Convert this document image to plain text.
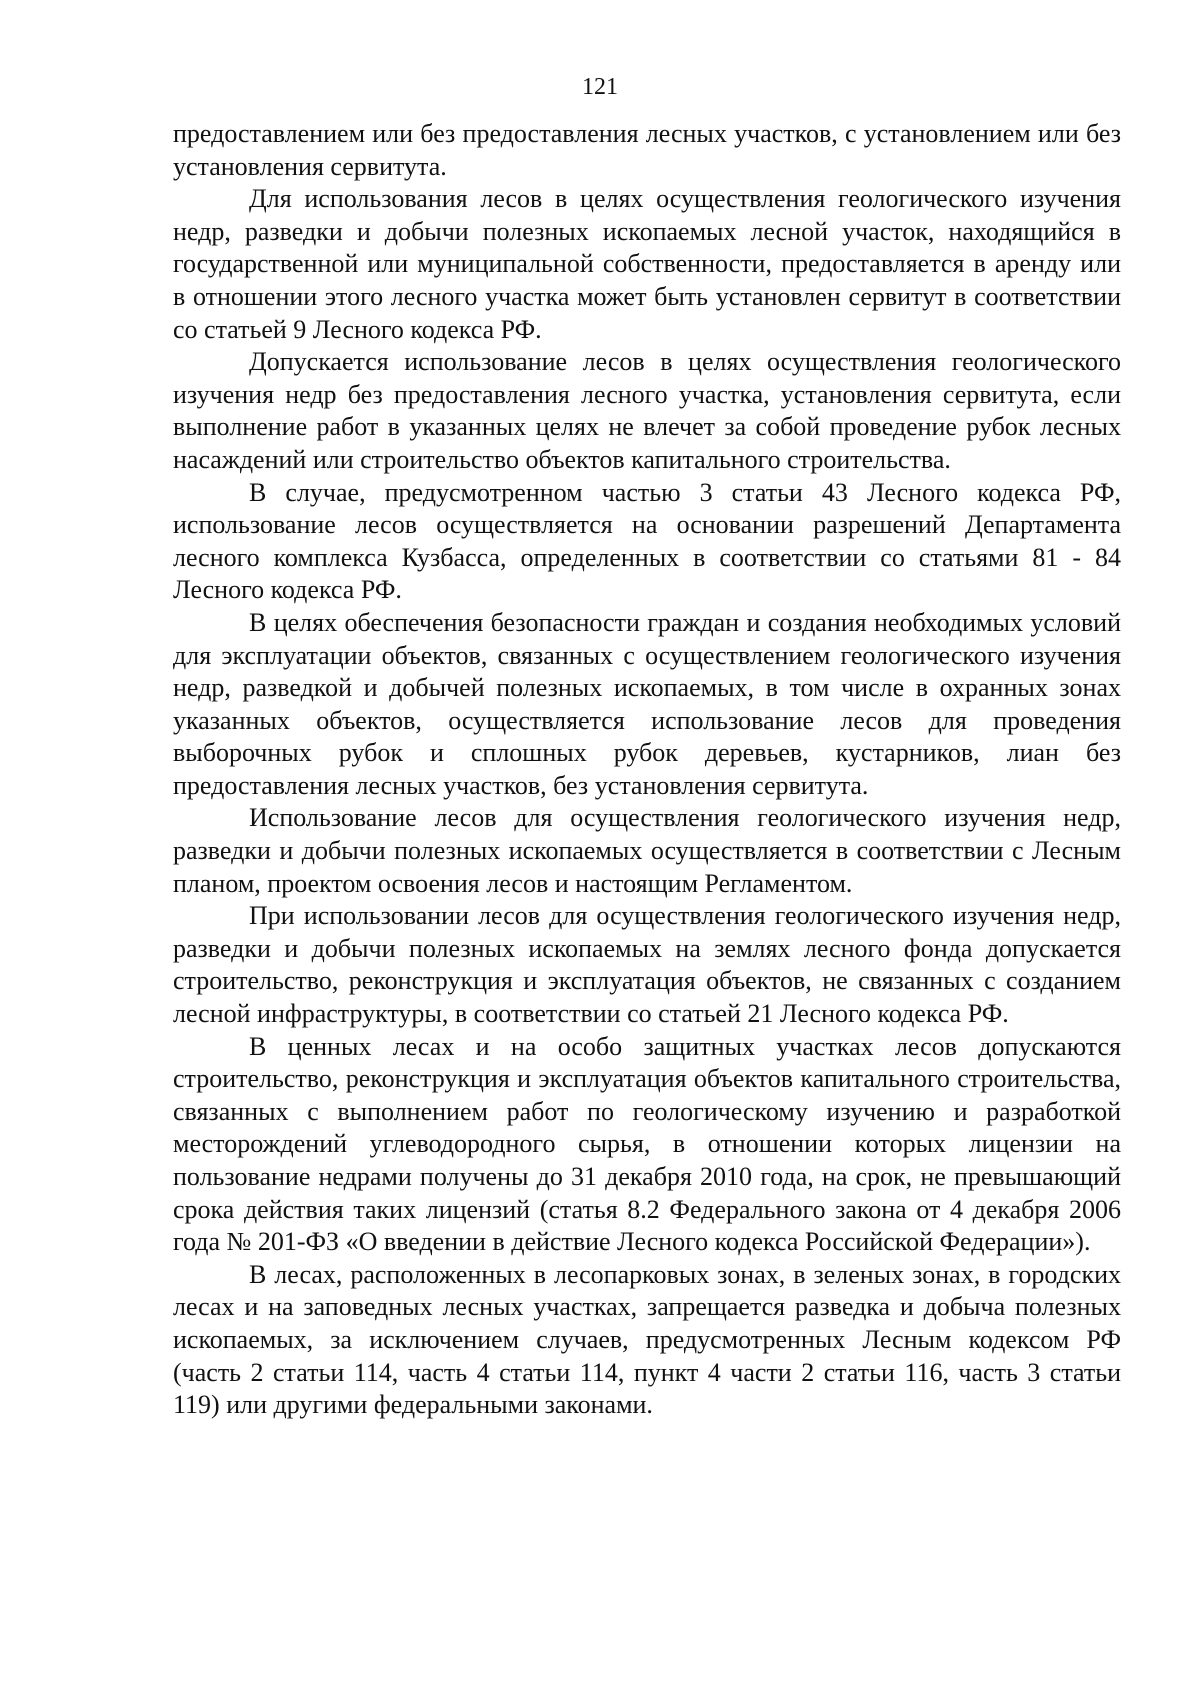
121

предоставлением или без предоставления лесных участков, с установлением или без установления сервитута.

Для использования лесов в целях осуществления геологического изучения недр, разведки и добычи полезных ископаемых лесной участок, находящийся в государственной или муниципальной собственности, предоставляется в аренду или в отношении этого лесного участка может быть установлен сервитут в соответствии со статьей 9 Лесного кодекса РФ.

Допускается использование лесов в целях осуществления геологического изучения недр без предоставления лесного участка, установления сервитута, если выполнение работ в указанных целях не влечет за собой проведение рубок лесных насаждений или строительство объектов капитального строительства.

В случае, предусмотренном частью 3 статьи 43 Лесного кодекса РФ, использование лесов осуществляется на основании разрешений Департамента лесного комплекса Кузбасса, определенных в соответствии со статьями 81 - 84 Лесного кодекса РФ.

В целях обеспечения безопасности граждан и создания необходимых условий для эксплуатации объектов, связанных с осуществлением геологического изучения недр, разведкой и добычей полезных ископаемых, в том числе в охранных зонах указанных объектов, осуществляется использование лесов для проведения выборочных рубок и сплошных рубок деревьев, кустарников, лиан без предоставления лесных участков, без установления сервитута.

Использование лесов для осуществления геологического изучения недр, разведки и добычи полезных ископаемых осуществляется в соответствии с Лесным планом, проектом освоения лесов и настоящим Регламентом.

При использовании лесов для осуществления геологического изучения недр, разведки и добычи полезных ископаемых на землях лесного фонда допускается строительство, реконструкция и эксплуатация объектов, не связанных с созданием лесной инфраструктуры, в соответствии со статьей 21 Лесного кодекса РФ.

В ценных лесах и на особо защитных участках лесов допускаются строительство, реконструкция и эксплуатация объектов капитального строительства, связанных с выполнением работ по геологическому изучению и разработкой месторождений углеводородного сырья, в отношении которых лицензии на пользование недрами получены до 31 декабря 2010 года, на срок, не превышающий срока действия таких лицензий (статья 8.2 Федерального закона от 4 декабря 2006 года № 201-ФЗ «О введении в действие Лесного кодекса Российской Федерации»).

В лесах, расположенных в лесопарковых зонах, в зеленых зонах, в городских лесах и на заповедных лесных участках, запрещается разведка и добыча полезных ископаемых, за исключением случаев, предусмотренных Лесным кодексом РФ (часть 2 статьи 114, часть 4 статьи 114, пункт 4 части 2 статьи 116, часть 3 статьи 119) или другими федеральными законами.
